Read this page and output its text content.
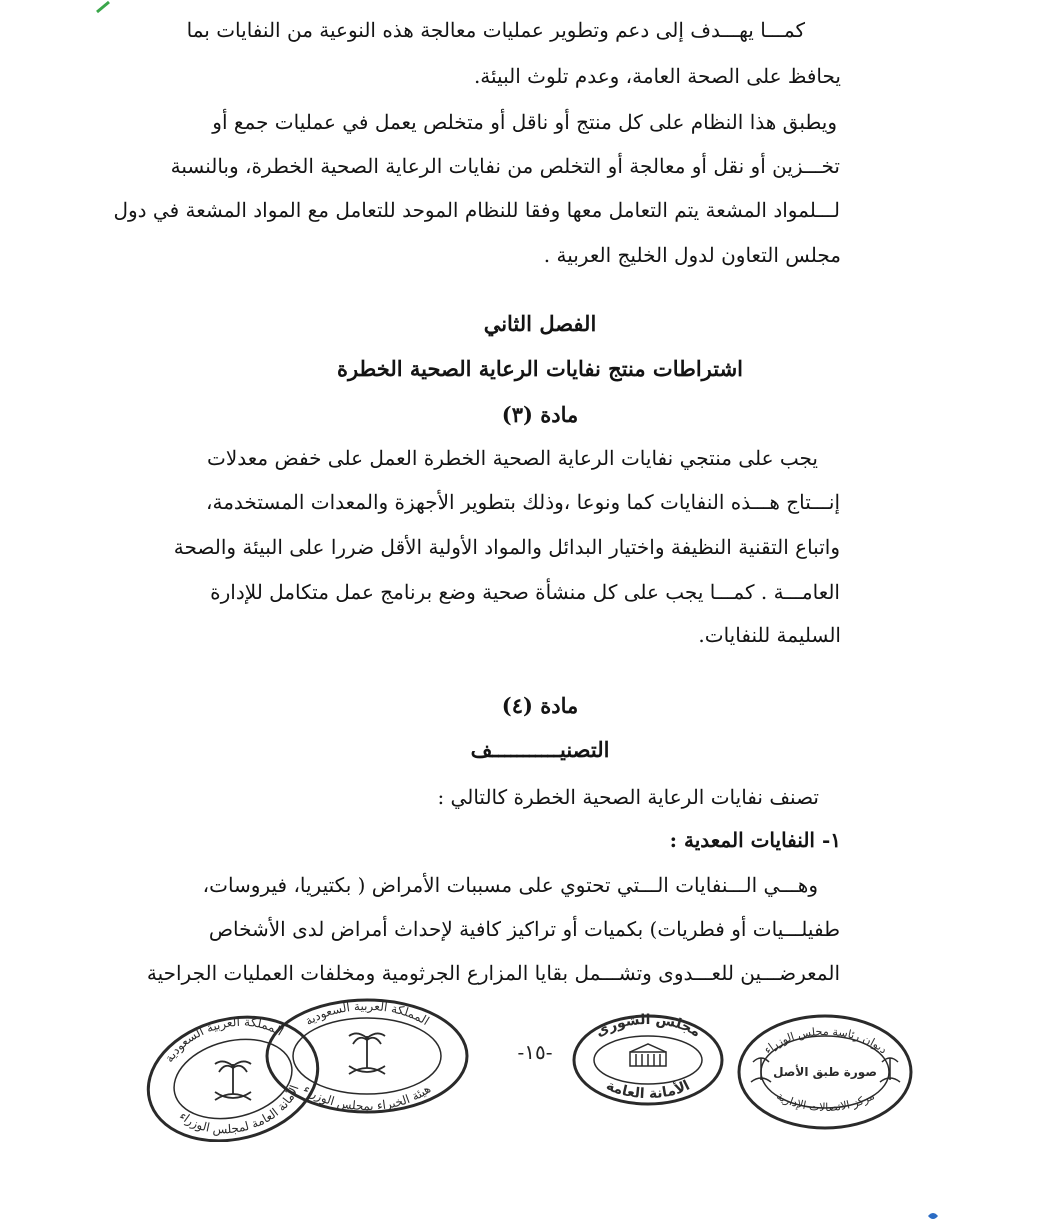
كمـــا يهـــدف إلى دعم وتطوير عمليات معالجة هذه النوعية من النفايات بما
يحافظ على الصحة العامة، وعدم تلوث البيئة.
ويطبق هذا النظام على كل منتج أو ناقل أو متخلص يعمل في عمليات جمع أو
تخـــزين أو نقل أو معالجة أو التخلص من نفايات الرعاية الصحية الخطرة، وبالنسبة
لـــلمواد المشعة يتم التعامل معها وفقا للنظام الموحد للتعامل مع المواد المشعة في دول
مجلس التعاون لدول الخليج العربية .
الفصل الثاني
اشتراطات منتج نفايات الرعاية الصحية الخطرة
مادة (٣)
يجب على منتجي نفايات الرعاية الصحية الخطرة العمل على خفض معدلات
إنـــتاج هـــذه النفايات كما ونوعا ،وذلك بتطوير الأجهزة والمعدات المستخدمة،
واتباع التقنية النظيفة واختيار البدائل والمواد الأولية الأقل ضررا على البيئة والصحة
العامـــة . كمـــا يجب على كل منشأة صحية وضع برنامج عمل متكامل للإدارة
السليمة للنفايات.
مادة (٤)
التصنيـــــــــــف
تصنف نفايات الرعاية الصحية الخطرة كالتالي :
١- النفايات المعدية :
وهـــي الـــنفايات الـــتي تحتوي على مسببات الأمراض ( بكتيريا، فيروسات،
طفيلـــيات أو فطريات) بكميات أو تراكيز كافية لإحداث أمراض لدى الأشخاص
المعرضـــين للعـــدوى وتشـــمل بقايا المزارع الجرثومية ومخلفات العمليات الجراحية
-١٥-
المملكة العربية السعودية
الأمانة العامة لمجلس الوزراء
المملكة العربية السعودية
هيئة الخبراء بمجلس الوزراء
مجلس الشورى
الأمانة العامة
ديوان رئاسة مجلس الوزراء
صورة طبق الأصل
مركز الاتصالات الإدارية
